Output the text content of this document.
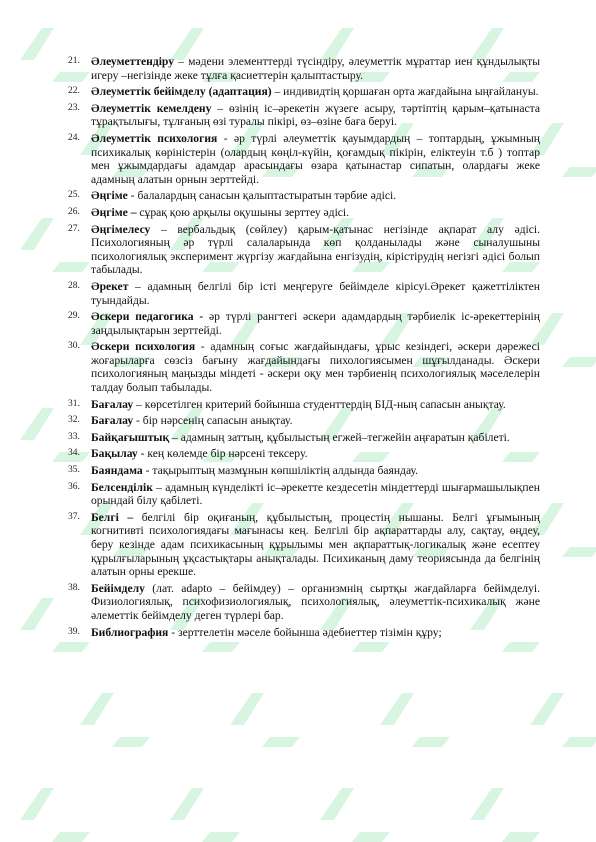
21. Әлеуметтендіру – мәдени элементтерді түсіндіру, әлеуметтік мұраттар иен құндылықты игеру –негізінде жеке тұлға қасиеттерін қалыптастыру.
22. Әлеуметтік бейімделу (адаптация) – индивидтің қоршаған орта жағдайына ыңғайлануы.
23. Әлеуметтік кемелдену – өзінің іс–әрекетін жүзеге асыру, тәртіптің қарым–қатынаста тұрақтылығы, тұлғаның өзі туралы пікірі, өз–өзіне баға беруі.
24. Әлеуметтік психология - әр түрлі әлеуметтік қауымдардың – топтардың, ұжымның психикалық көріністерін (олардың көңіл-күйін, қоғамдық пікірін, еліктеуін т.б ) топтар мен ұжымдардағы адамдар арасындағы өзара қатынастар сипатын, олардағы жеке адамның алатын орнын зерттейді.
25. Әңгіме - балалардың санасын қалыптастыратын тәрбие әдісі.
26. Әңгіме – сұрақ қою арқылы оқушыны зерттеу әдісі.
27. Әңгімелесу – вербальдық (сөйлеу) қарым-қатынас негізінде ақпарат алу әдісі. Психологияның әр түрлі салаларында көп қолданылады және сыналушыны психологиялық эксперимент жүргізу жағдайына енгізудің, кірістірудің негізгі әдісі болып табылады.
28. Әрекет – адамның белгілі бір істі меңгеруге бейімделе кірісуі.Әрекет қажеттіліктен туындайды.
29. Әскери педагогика - әр түрлі рангтегі әскери адамдардың тәрбиелік іс-әрекеттерінің заңдылықтарын зерттейді.
30. Әскери психология - адамның соғыс жағдайындағы, ұрыс кезіндегі, әскери дәрежесі жоғарыларға сөзсіз бағыну жағдайындағы пихологиясымен шұғылданады. Әскери психологияның маңызды міндеті - әскери оқу мен тәрбиенің психологиялық мәселелерін талдау болып табылады.
31. Бағалау – көрсетілген критерий бойынша студенттердің БІД-ның сапасын анықтау.
32. Бағалау - бір нәрсенің сапасын анықтау.
33. Байқағыштық – адамның заттың, құбылыстың егжей–тегжейін аңғаратын қабілеті.
34. Бақылау - кең көлемде бір нәрсені тексеру.
35. Баяндама - тақырыптың мазмұнын көпшіліктің алдында баяндау.
36. Белсенділік – адамның күнделікті іс–әрекетте кездесетін міндеттерді шығармашылықпен орындай білу қабілеті.
37. Белгі – белгілі бір оқиғаның, құбылыстың, процестің нышаны. Белгі ұғымының когнитивті психологиядағы мағынасы кең. Белгілі бір ақпараттарды алу, сақтау, өңдеу, беру кезінде адам психикасының құрылымы мен ақпараттық-логикалық және есептеу құрылғыларының ұқсастықтары анықталады. Психиканың даму теориясында да белгінің алатын орны ерекше.
38. Бейімделу (лат. adapto – бейімдеу) – организмнің сыртқы жағдайларға бейімделуі. Физиологиялық, психофизиологиялық, психологиялық, әлеуметтік-психикалық және әлеметтік бейімделу деген түрлері бар.
39. Библиография - зерттелетін мәселе бойынша әдебиеттер тізімін құру;
